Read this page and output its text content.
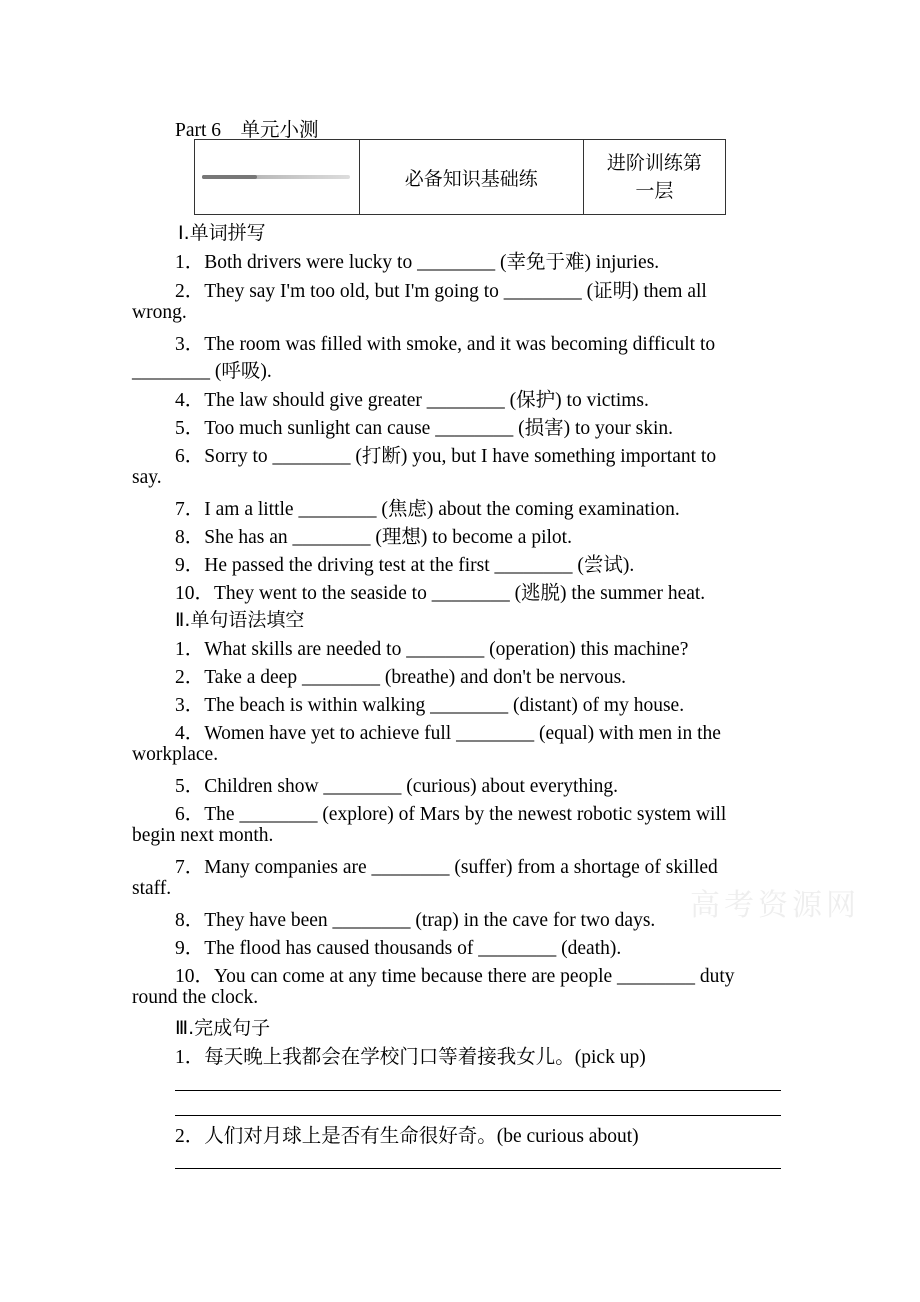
Part 6　单元小测
	必备知识基础练	进阶训练第
一层
Ⅰ.单词拼写
1．Both drivers were lucky to ________ (幸免于难) injuries.
2．They say I'm too old, but I'm going to ________ (证明) them all
wrong.
3．The room was filled with smoke, and it was becoming difficult to
________ (呼吸).
4．The law should give greater ________ (保护) to victims.
5．Too much sunlight can cause ________ (损害) to your skin.
6．Sorry to ________ (打断) you, but I have something important to
say.
7．I am a little ________ (焦虑) about the coming examination.
8．She has an ________ (理想) to become a pilot.
9．He passed the driving test at the first ________ (尝试).
10．They went to the seaside to ________ (逃脱) the summer heat.
Ⅱ.单句语法填空
1．What skills are needed to ________ (operation) this machine?
2．Take a deep ________ (breathe) and don't be nervous.
3．The beach is within walking ________ (distant) of my house.
4．Women have yet to achieve full ________ (equal) with men in the
workplace.
5．Children show ________ (curious) about everything.
6．The ________ (explore) of Mars by the newest robotic system will
begin next month.
7．Many companies are ________ (suffer) from a shortage of skilled
staff.
8．They have been ________ (trap) in the cave for two days.
9．The flood has caused thousands of ________ (death).
10．You can come at any time because there are people ________ duty
round the clock.
Ⅲ.完成句子
1．每天晚上我都会在学校门口等着接我女儿。(pick up)
2．人们对月球上是否有生命很好奇。(be curious about)
高考资源网
